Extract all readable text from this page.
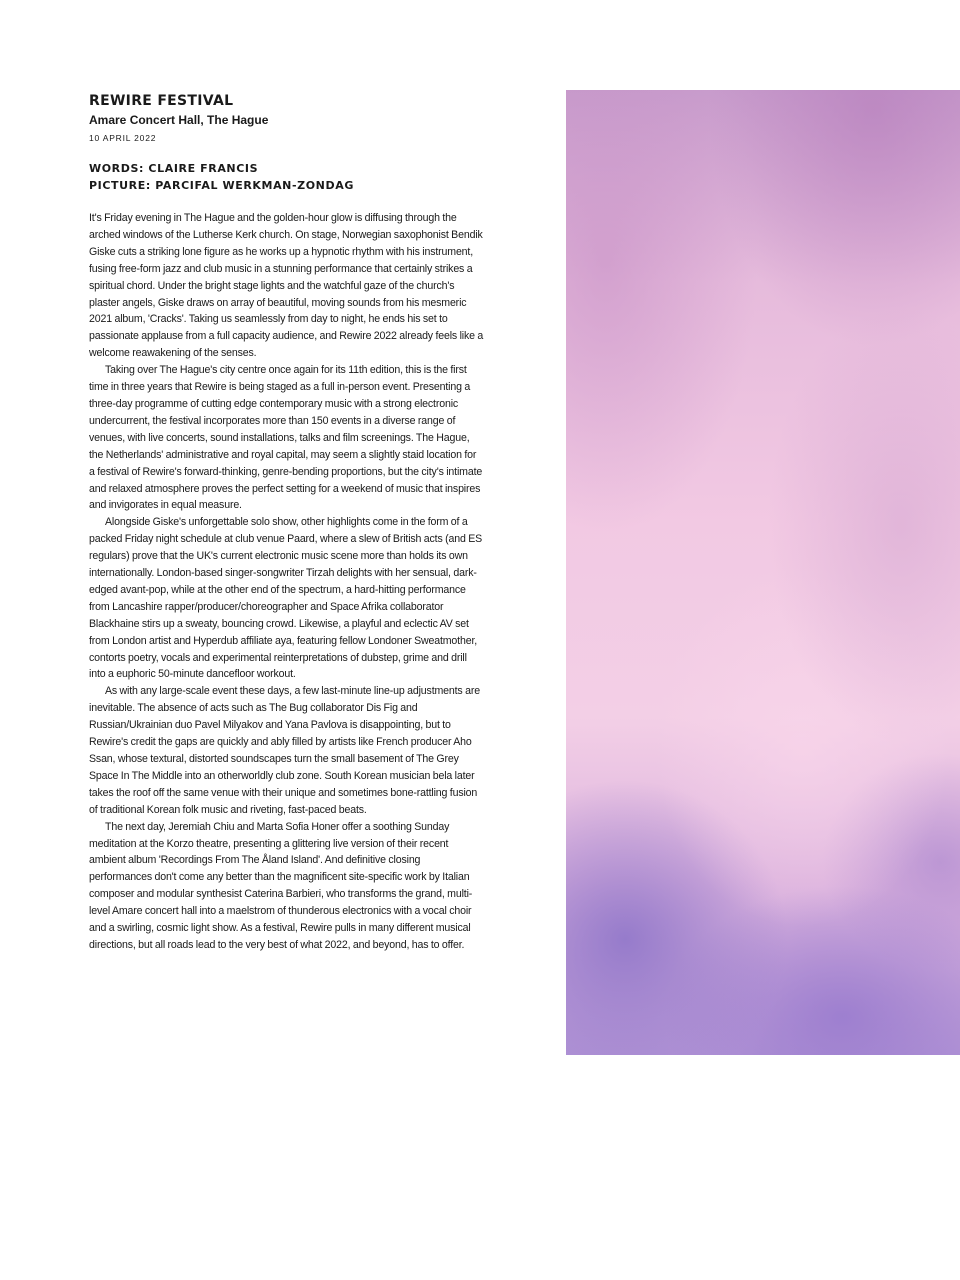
REWIRE FESTIVAL
Amare Concert Hall, The Hague
10 APRIL 2022
WORDS: CLAIRE FRANCIS
PICTURE: PARCIFAL WERKMAN-ZONDAG

It's Friday evening in The Hague and the golden-hour glow is diffusing through the arched windows of the Lutherse Kerk church. On stage, Norwegian saxophonist Bendik Giske cuts a striking lone figure as he works up a hypnotic rhythm with his instrument, fusing free-form jazz and club music in a stunning performance that certainly strikes a spiritual chord. Under the bright stage lights and the watchful gaze of the church's plaster angels, Giske draws on array of beautiful, moving sounds from his mesmeric 2021 album, 'Cracks'. Taking us seamlessly from day to night, he ends his set to passionate applause from a full capacity audience, and Rewire 2022 already feels like a welcome reawakening of the senses.

Taking over The Hague's city centre once again for its 11th edition, this is the first time in three years that Rewire is being staged as a full in-person event. Presenting a three-day programme of cutting edge contemporary music with a strong electronic undercurrent, the festival incorporates more than 150 events in a diverse range of venues, with live concerts, sound installations, talks and film screenings. The Hague, the Netherlands' administrative and royal capital, may seem a slightly staid location for a festival of Rewire's forward-thinking, genre-bending proportions, but the city's intimate and relaxed atmosphere proves the perfect setting for a weekend of music that inspires and invigorates in equal measure.

Alongside Giske's unforgettable solo show, other highlights come in the form of a packed Friday night schedule at club venue Paard, where a slew of British acts (and ES regulars) prove that the UK's current electronic music scene more than holds its own internationally. London-based singer-songwriter Tirzah delights with her sensual, dark-edged avant-pop, while at the other end of the spectrum, a hard-hitting performance from Lancashire rapper/producer/choreographer and Space Afrika collaborator Blackhaine stirs up a sweaty, bouncing crowd. Likewise, a playful and eclectic AV set from London artist and Hyperdub affiliate aya, featuring fellow Londoner Sweatmother, contorts poetry, vocals and experimental reinterpretations of dubstep, grime and drill into a euphoric 50-minute dancefloor workout.

As with any large-scale event these days, a few last-minute line-up adjustments are inevitable. The absence of acts such as The Bug collaborator Dis Fig and Russian/Ukrainian duo Pavel Milyakov and Yana Pavlova is disappointing, but to Rewire's credit the gaps are quickly and ably filled by artists like French producer Aho Ssan, whose textural, distorted soundscapes turn the small basement of The Grey Space In The Middle into an otherworldly club zone. South Korean musician bela later takes the roof off the same venue with their unique and sometimes bone-rattling fusion of traditional Korean folk music and riveting, fast-paced beats.

The next day, Jeremiah Chiu and Marta Sofia Honer offer a soothing Sunday meditation at the Korzo theatre, presenting a glittering live version of their recent ambient album 'Recordings From The Åland Island'. And definitive closing performances don't come any better than the magnificent site-specific work by Italian composer and modular synthesist Caterina Barbieri, who transforms the grand, multi-level Amare concert hall into a maelstrom of thunderous electronics with a vocal choir and a swirling, cosmic light show. As a festival, Rewire pulls in many different musical directions, but all roads lead to the very best of what 2022, and beyond, has to offer.
